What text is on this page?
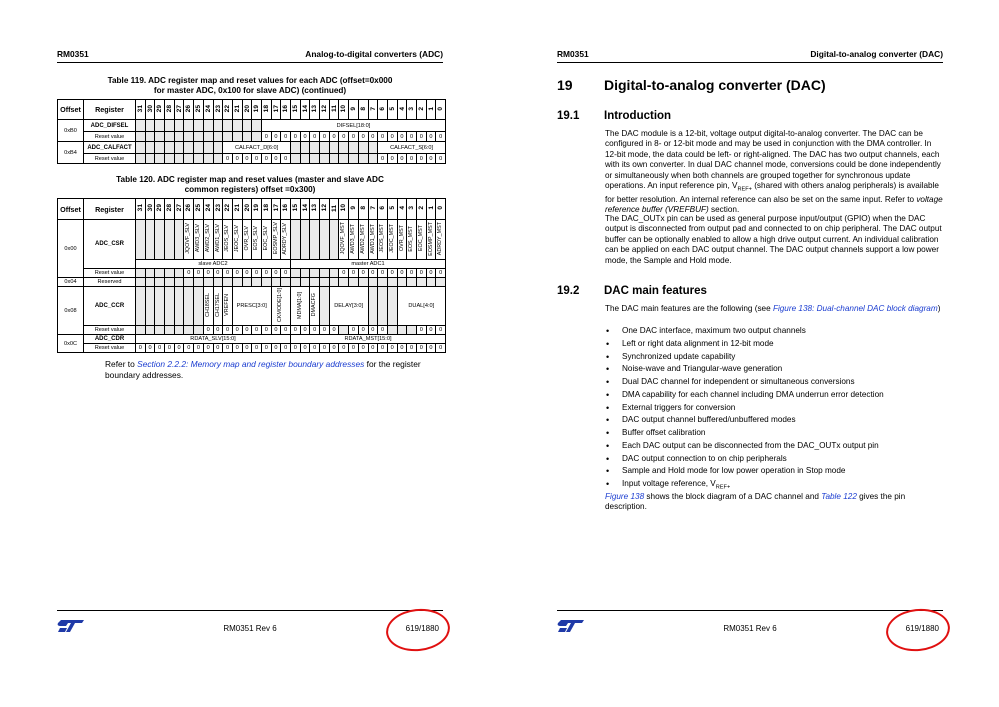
RM0351	Analog-to-digital converters (ADC)
Table 119. ADC register map and reset values for each ADC (offset=0x000
for master ADC, 0x100 for slave ADC) (continued)
Offset	Register	31	30	29	28	27	26	25	24	23	22	21	20	19	18	17	16	15	14	13	12	11	10	9	8	7	6	5	4	3	2	1	0
0xB0	ADC_DIFSEL														DIFSEL[18:0]																		
	Reset value														0	0	0	0	0	0	0	0	0	0	0	0	0	0	0	0	0	0	0
0xB4	ADC_CALFACT										CALFACT_D[6:0]																CALFACT_S[6:0]						
	Reset value										0	0	0	0	0	0	0										0	0	0	0	0	0	0
Table 120. ADC register map and reset values (master and slave ADC
common registers) offset =0x300)
Offset	Register	31	30	29	28	27	26	25	24	23	22	21	20	19	18	17	16	15	14	13	12	11	10	9	8	7	6	5	4	3	2	1	0	
0x00	ADC_CSR						JQOVF_SLV	AWD3_SLV	AWD2_SLV	AWD1_SLV	JEOS_SLV	JEOC_SLV	OVR_SLV	EOS_SLV	EOC_SLV	EOSMP_SLV	ADRDY_SLV						JQOVF_MST	AWD3_MST	AWD2_MST	AWD1_MST	JEOS_MST	JEOC_MST	OVR_MST	EOS_MST	EOC_MST	EOSMP_MST	ADRDY_MST	
		slave ADC2																master ADC1																
	Reset value						0	0	0	0	0	0	0	0	0	0	0						0	0	0	0	0	0	0	0	0	0	0	
0x04	Reserved																																	
0x08	ADC_CCR								CH18SEL	CH17SEL	VREFEN	PRESC[3:0]				CKMODE[1:0]		MDMA[1:0]		DMACFG		DELAY[3:0]							DUAL[4:0]					
	Reset value								0	0	0	0	0	0	0	0	0	0	0	0	0	0		0	0	0	0				0	0	0		
0x0C	ADC_CDR	RDATA_SLV[15:0]																RDATA_MST[15:0]																
	Reset value	0	0	0	0	0	0	0	0	0	0	0	0	0	0	0	0	0	0	0	0	0	0	0	0	0	0	0	0	0	0	0	0	
Refer to Section 2.2.2: Memory map and register boundary addresses for the register boundary addresses.
RM0351 Rev 6	619/1880
RM0351	Digital-to-analog converter (DAC)
19 Digital-to-analog converter (DAC)
19.1 Introduction
The DAC module is a 12-bit, voltage output digital-to-analog converter. The DAC can be configured in 8- or 12-bit mode and may be used in conjunction with the DMA controller. In 12-bit mode, the data could be left- or right-aligned. The DAC has two output channels, each with its own converter. In dual DAC channel mode, conversions could be done independently or simultaneously when both channels are grouped together for synchronous update operations. An input reference pin, $V_{REF+}$ (shared with others analog peripherals) is available for better resolution. An internal reference can also be set on the same input. Refer to voltage reference buffer (VREFBUF) section.
The DAC_OUTx pin can be used as general purpose input/output (GPIO) when the DAC output is disconnected from output pad and connected to on chip peripheral. The DAC output buffer can be optionally enabled to allow a high drive output current. An individual calibration can be applied on each DAC output channel. The DAC output channels support a low power mode, the Sample and Hold mode.
19.2 DAC main features
The DAC main features are the following (see Figure 138: Dual-channel DAC block diagram)
• One DAC interface, maximum two output channels
• Left or right data alignment in 12-bit mode
• Synchronized update capability
• Noise-wave and Triangular-wave generation
• Dual DAC channel for independent or simultaneous conversions
• DMA capability for each channel including DMA underrun error detection
• External triggers for conversion
• DAC output channel buffered/unbuffered modes
• Buffer offset calibration
• Each DAC output can be disconnected from the DAC_OUTx output pin
• DAC output connection to on chip peripherals
• Sample and Hold mode for low power operation in Stop mode
• Input voltage reference, $V_{REF+}$
Figure 138 shows the block diagram of a DAC channel and Table 122 gives the pin description.
RM0351 Rev 6	619/1880
